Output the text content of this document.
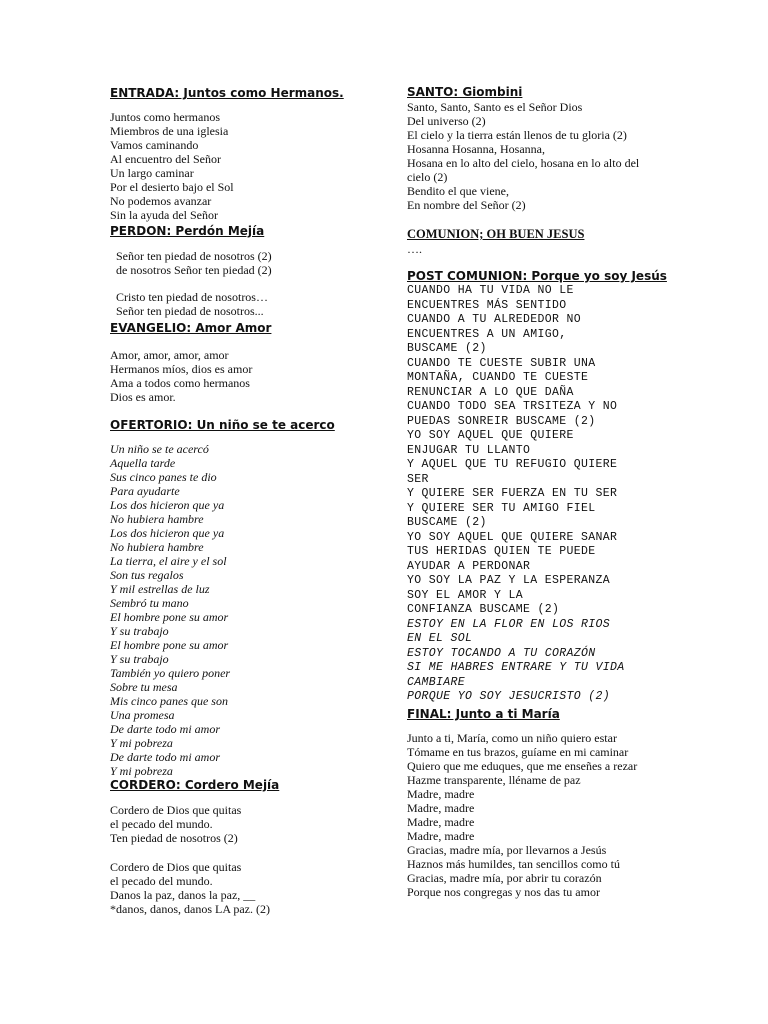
ENTRADA: Juntos como Hermanos.
Juntos como hermanos
Miembros de una iglesia
Vamos caminando
Al encuentro del Señor
Un largo caminar
Por el desierto bajo el Sol
No podemos avanzar
Sin la ayuda del Señor
PERDON: Perdón Mejía
Señor ten piedad de nosotros (2)
de nosotros Señor ten piedad (2)
Cristo ten piedad de nosotros…
Señor ten piedad de nosotros...
EVANGELIO: Amor Amor
Amor, amor, amor, amor
Hermanos míos, dios es amor
Ama a todos como hermanos
Dios es amor.
OFERTORIO: Un niño se te acerco
Un niño se te acercó
Aquella tarde
Sus cinco panes te dio
Para ayudarte
Los dos hicieron que ya
No hubiera hambre
Los dos hicieron que ya
No hubiera hambre
La tierra, el aire y el sol
Son tus regalos
Y mil estrellas de luz
Sembró tu mano
El hombre pone su amor
Y su trabajo
El hombre pone su amor
Y su trabajo
También yo quiero poner
Sobre tu mesa
Mis cinco panes que son
Una promesa
De darte todo mi amor
Y mi pobreza
De darte todo mi amor
Y mi pobreza
CORDERO: Cordero Mejía
Cordero de Dios que quitas
el pecado del mundo.
Ten piedad de nosotros (2)
Cordero de Dios que quitas
el pecado del mundo.
Danos la paz, danos la paz, __
*danos, danos, danos LA paz. (2)
SANTO: Giombini
Santo, Santo, Santo es el Señor Dios
Del universo (2)
El cielo y la tierra están llenos de tu gloria (2)
Hosanna Hosanna, Hosanna,
Hosana en lo alto del cielo, hosana en lo alto del
cielo (2)
Bendito el que viene,
En nombre del Señor (2)
COMUNION; OH BUEN JESUS
….
POST COMUNION: Porque yo soy Jesús
CUANDO HA TU VIDA NO LE
ENCUENTRES MÁS SENTIDO
CUANDO A TU ALREDEDOR NO
ENCUENTRES A UN AMIGO,
BUSCAME (2)
CUANDO TE CUESTE SUBIR UNA
MONTAÑA, CUANDO TE CUESTE
RENUNCIAR A LO QUE DAÑA
CUANDO TODO SEA TRSITEZA Y NO
PUEDAS SONREIR BUSCAME (2)
YO SOY AQUEL QUE QUIERE
ENJUGAR TU LLANTO
Y AQUEL QUE TU REFUGIO QUIERE
SER
Y QUIERE SER FUERZA EN TU SER
Y QUIERE SER TU AMIGO FIEL
BUSCAME (2)
YO SOY AQUEL QUE QUIERE SANAR
TUS HERIDAS QUIEN TE PUEDE
AYUDAR A PERDONAR
YO SOY LA PAZ Y LA ESPERANZA
SOY EL AMOR Y LA
CONFIANZA BUSCAME (2)
ESTOY EN LA FLOR EN LOS RIOS
EN EL SOL
ESTOY TOCANDO A TU CORAZÓN
SI ME HABRES ENTRARE Y TU VIDA
CAMBIARE
PORQUE YO SOY JESUCRISTO (2)
FINAL: Junto a ti María
Junto a ti, María, como un niño quiero estar
Tómame en tus brazos, guíame en mi caminar
Quiero que me eduques, que me enseñes a rezar
Hazme transparente, lléname de paz
Madre, madre
Madre, madre
Madre, madre
Madre, madre
Gracias, madre mía, por llevarnos a Jesús
Haznos más humildes, tan sencillos como tú
Gracias, madre mía, por abrir tu corazón
Porque nos congregas y nos das tu amor
